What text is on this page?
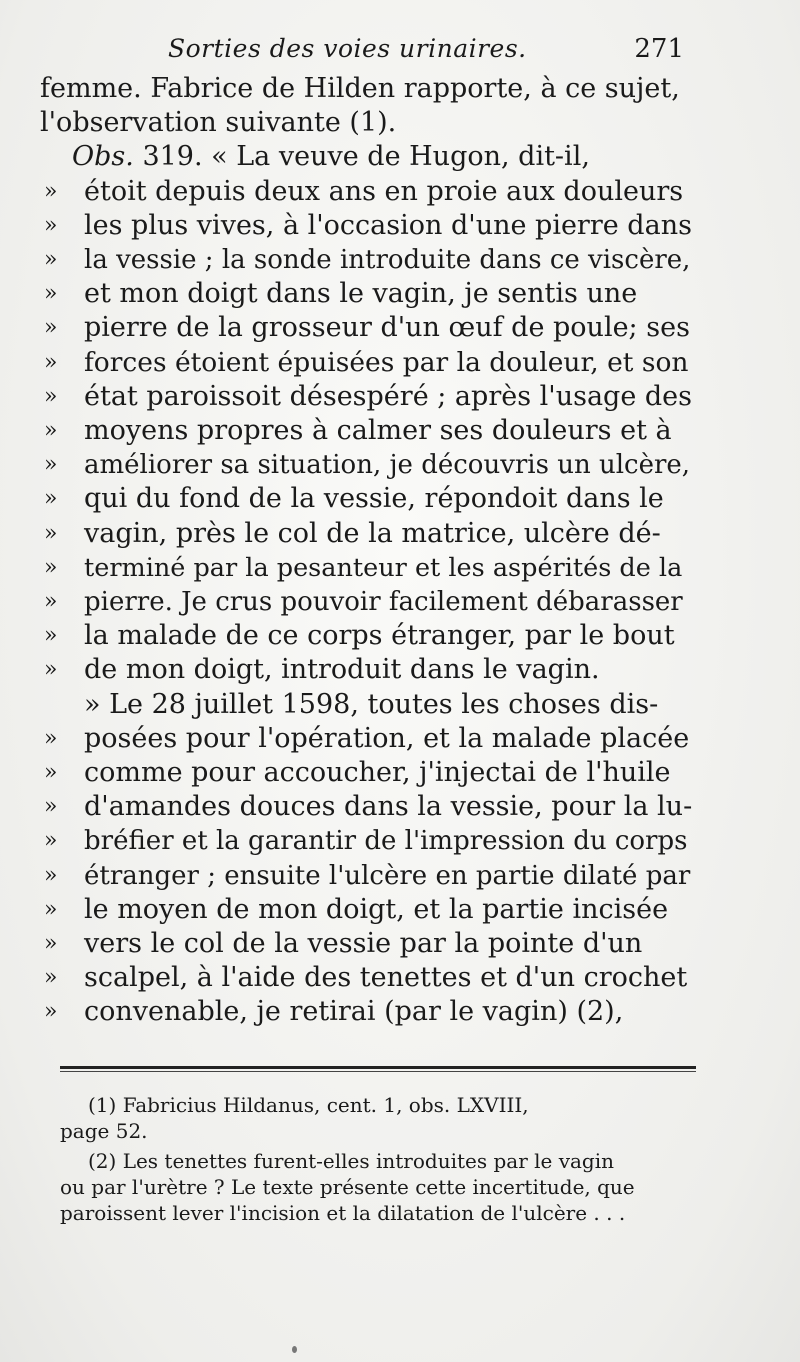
Sorties des voies urinaires.	271
femme. Fabrice de Hilden rapporte, à ce sujet,
l'observation suivante (1).
Obs. 319. « La veuve de Hugon, dit-il,
étoit depuis deux ans en proie aux douleurs
»
les plus vives, à l'occasion d'une pierre dans
»
la vessie ; la sonde introduite dans ce viscère,
»
et mon doigt dans le vagin, je sentis une
»
pierre de la grosseur d'un œuf de poule; ses
»
forces étoient épuisées par la douleur, et son
»
état paroissoit désespéré ; après l'usage des
»
moyens propres à calmer ses douleurs et à
»
améliorer sa situation, je découvris un ulcère,
»
qui du fond de la vessie, répondoit dans le
»
vagin, près le col de la matrice, ulcère dé-
»
terminé par la pesanteur et les aspérités de la
»
pierre. Je crus pouvoir facilement débarasser
»
la malade de ce corps étranger, par le bout
»
de mon doigt, introduit dans le vagin.
»
» Le 28 juillet 1598, toutes les choses dis-
posées pour l'opération, et la malade placée
»
comme pour accoucher, j'injectai de l'huile
»
d'amandes douces dans la vessie, pour la lu-
»
bréfier et la garantir de l'impression du corps
»
étranger ; ensuite l'ulcère en partie dilaté par
»
le moyen de mon doigt, et la partie incisée
»
vers le col de la vessie par la pointe d'un
»
scalpel, à l'aide des tenettes et d'un crochet
»
convenable, je retirai (par le vagin) (2),
»
(1) Fabricius Hildanus, cent. 1, obs. LXVIII,
page 52.
(2) Les tenettes furent-elles introduites par le vagin
ou par l'urètre ? Le texte présente cette incertitude, que
paroissent lever l'incision et la dilatation de l'ulcère . . .
